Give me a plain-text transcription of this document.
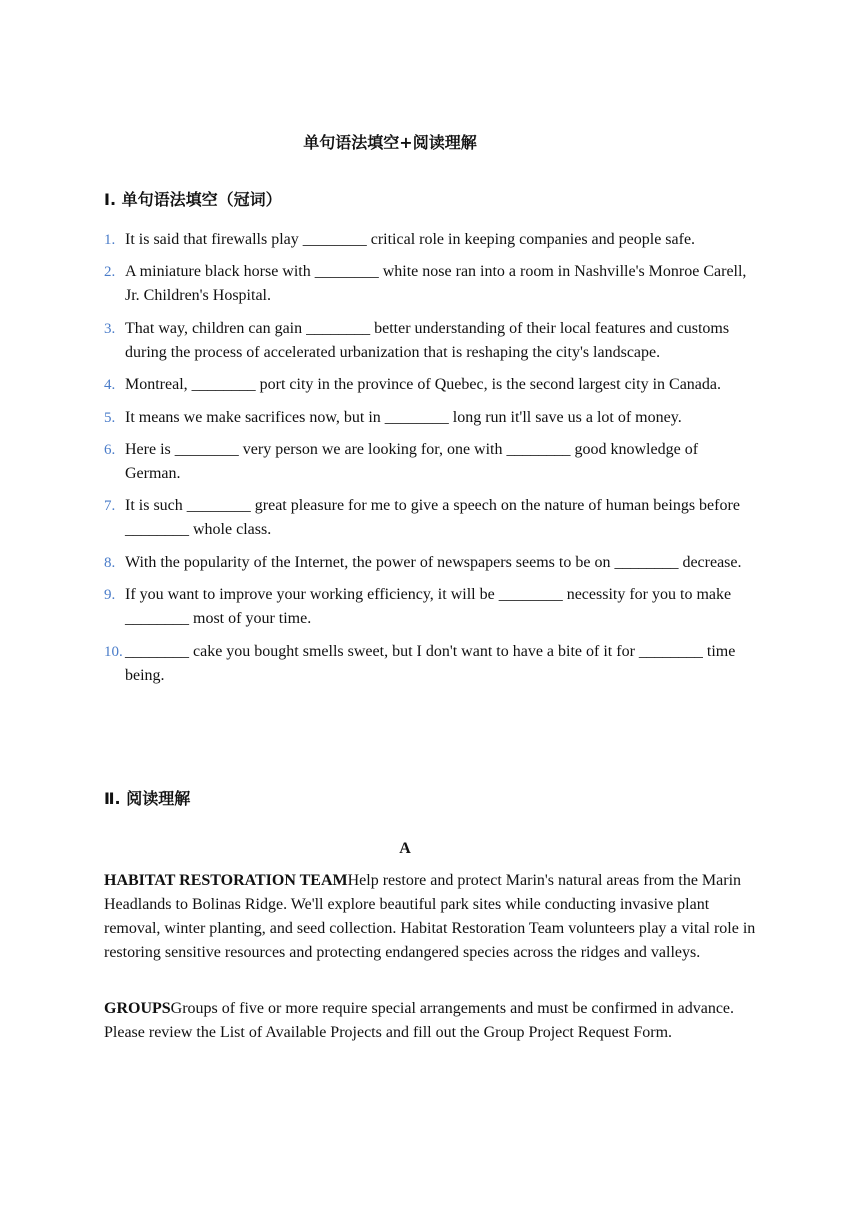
单句语法填空+阅读理解
Ⅰ. 单句语法填空（冠词）
1. It is said that firewalls play ________ critical role in keeping companies and people safe.
2. A miniature black horse with ________ white nose ran into a room in Nashville's Monroe Carell, Jr. Children's Hospital.
3. That way, children can gain ________ better understanding of their local features and customs during the process of accelerated urbanization that is reshaping the city's landscape.
4. Montreal, ________ port city in the province of Quebec, is the second largest city in Canada.
5. It means we make sacrifices now, but in ________ long run it'll save us a lot of money.
6. Here is ________ very person we are looking for, one with ________ good knowledge of German.
7. It is such ________ great pleasure for me to give a speech on the nature of human beings before ________ whole class.
8. With the popularity of the Internet, the power of newspapers seems to be on ________ decrease.
9. If you want to improve your working efficiency, it will be ________ necessity for you to make ________ most of your time.
10. ________ cake you bought smells sweet, but I don't want to have a bite of it for ________ time being.
Ⅱ. 阅读理解
A

HABITAT RESTORATION TEAMHelp restore and protect Marin's natural areas from the Marin Headlands to Bolinas Ridge. We'll explore beautiful park sites while conducting invasive plant removal, winter planting, and seed collection. Habitat Restoration Team volunteers play a vital role in restoring sensitive resources and protecting endangered species across the ridges and valleys.

GROUPSGroups of five or more require special arrangements and must be confirmed in advance. Please review the List of Available Projects and fill out the Group Project Request Form.
